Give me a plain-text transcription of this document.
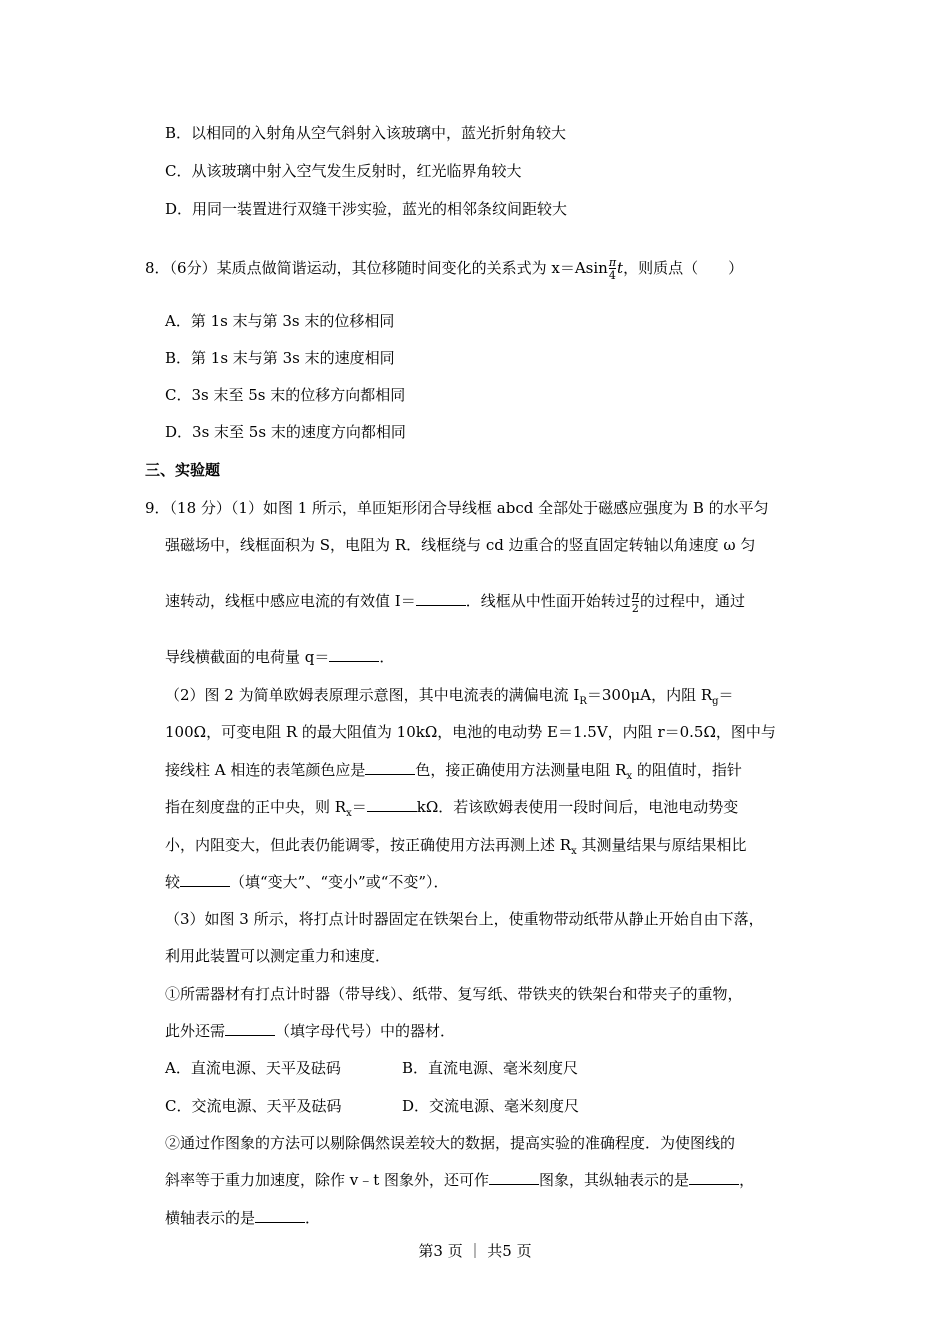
B．以相同的入射角从空气斜射入该玻璃中，蓝光折射角较大
C．从该玻璃中射入空气发生反射时，红光临界角较大
D．用同一装置进行双缝干涉实验，蓝光的相邻条纹间距较大
8．（6分）某质点做简谐运动，其位移随时间变化的关系式为 $x=Asin \frac{\pi}{4}$ t，则质点（　　）
A．第 1s 末与第 3s 末的位移相同
B．第 1s 末与第 3s 末的速度相同
C．3s 末至 5s 末的位移方向都相同
D．3s 末至 5s 末的速度方向都相同
三、实验题
9．（18 分）（1）如图 1 所示，单匝矩形闭合导线框 abcd 全部处于磁感应强度为 B 的水平匀
强磁场中，线框面积为 S，电阻为 R．线框绕与 cd 边重合的竖直固定转轴以角速度 ω 匀
速转动，线框中感应电流的有效值 I＝	．线框从中性面开始转过 $\frac{\pi}{2}$ 的过程中，通过
导线横截面的电荷量 q＝	．
（2）图 2 为简单欧姆表原理示意图，其中电流表的满偏电流 $I_R=300\mu A$，内阻 $R_g=$
100Ω，可变电阻 R 的最大阻值为 10kΩ，电池的电动势 E＝1.5V，内阻 r＝0.5Ω，图中与
接线柱 A 相连的表笔颜色应是	色，接正确使用方法测量电阻 $R_x$ 的阻值时，指针
指在刻度盘的正中央，则 $R_x=$	kΩ．若该欧姆表使用一段时间后，电池电动势变
小，内阻变大，但此表仍能调零，按正确使用方法再测上述 $R_x$ 其测量结果与原结果相比
较	（填“变大”、“变小”或“不变”）．
（3）如图 3 所示，将打点计时器固定在铁架台上，使重物带动纸带从静止开始自由下落，
利用此装置可以测定重力和速度．
①所需器材有打点计时器（带导线）、纸带、复写纸、带铁夹的铁架台和带夹子的重物，
此外还需	（填字母代号）中的器材．
A．直流电源、天平及砝码	B．直流电源、毫米刻度尺
C．交流电源、天平及砝码	D．交流电源、毫米刻度尺
②通过作图象的方法可以剔除偶然误差较大的数据，提高实验的准确程度．为使图线的
斜率等于重力加速度，除作 v﹣t 图象外，还可作	图象，其纵轴表示的是	，
横轴表示的是	．
第3 页 ｜ 共5 页
